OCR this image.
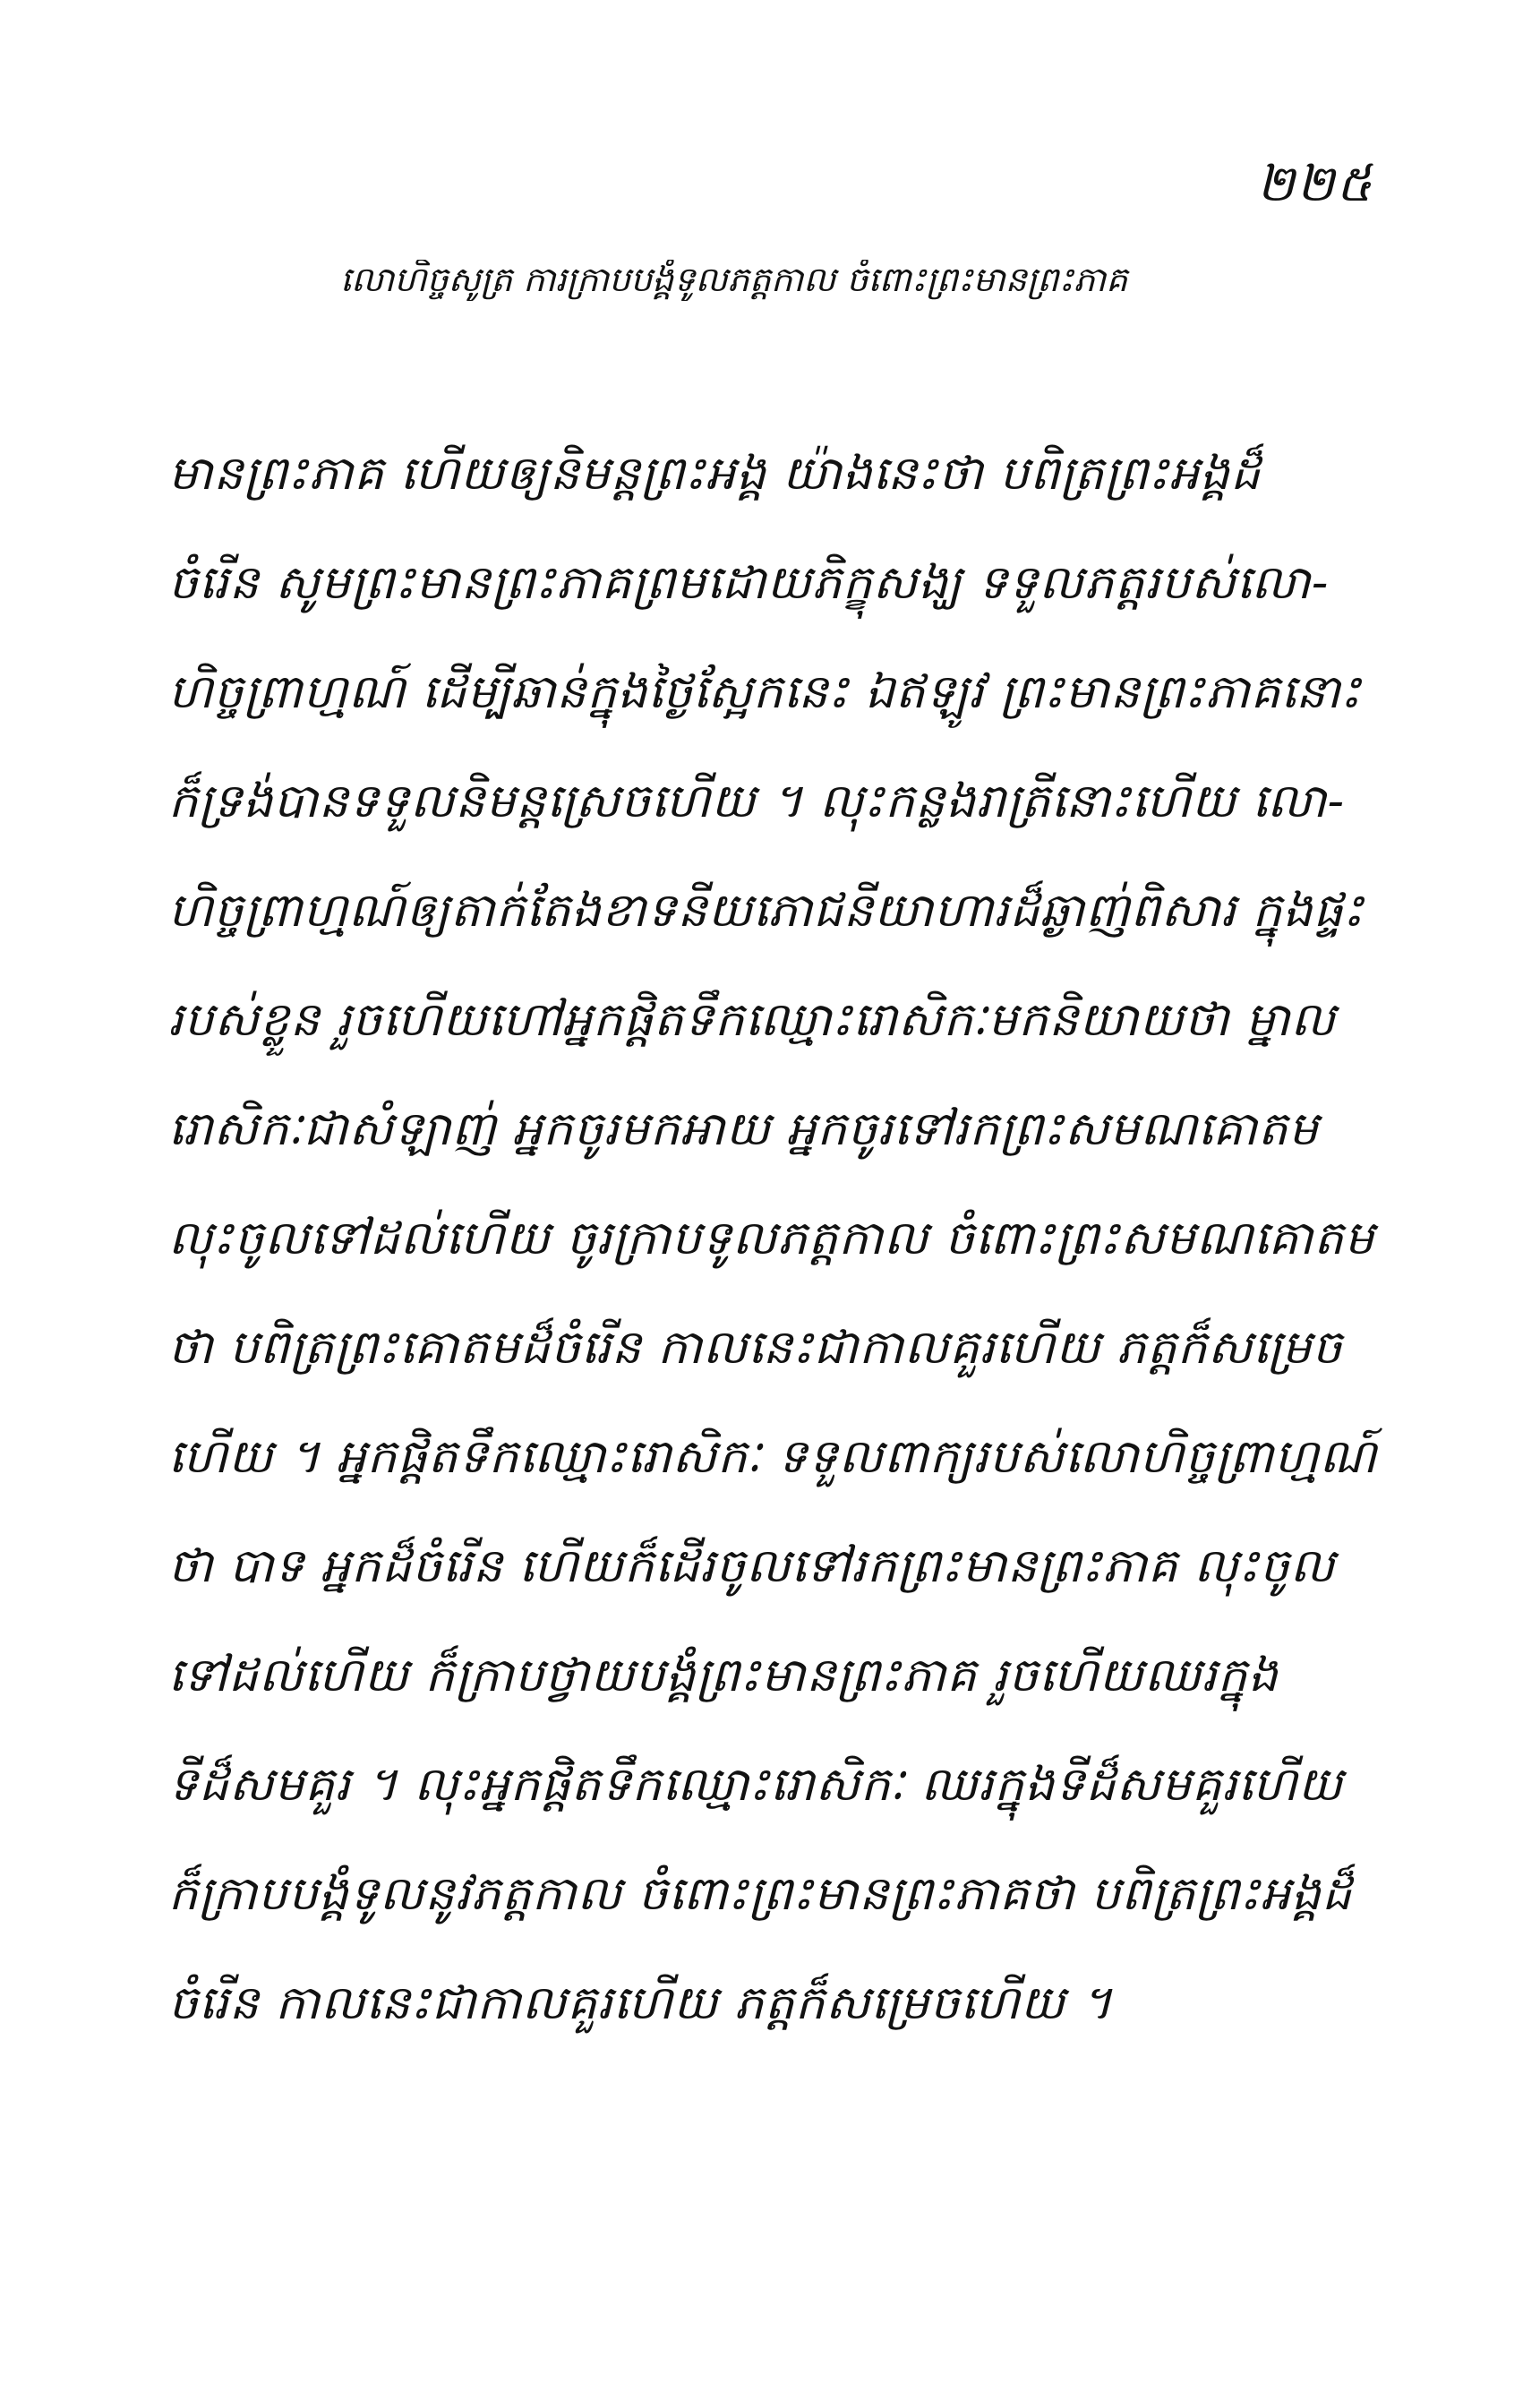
២២៥
លោហិច្ចសូត្រ ការក្រាបបង្គំទូលភត្តកាល ចំពោះព្រះមានព្រះភាគ
មានព្រះភាគ ហើយឲ្យនិមន្តព្រះអង្គ យ៉ាងនេះថា បពិត្រព្រះអង្គដ៏
ចំរើន សូមព្រះមានព្រះភាគព្រមដោយភិក្ខុសង្ឃ ទទួលភត្តរបស់លោ-
ហិច្ចព្រាហ្មណ៍ ដើម្បីឆាន់ក្នុងថ្ងៃស្អែកនេះ ឯឥឡូវ ព្រះមានព្រះភាគនោះ
ក៏ទ្រង់បានទទួលនិមន្តស្រេចហើយ ។ លុះកន្លងរាត្រីនោះហើយ លោ-
ហិច្ចព្រាហ្មណ៍ឲ្យតាក់តែងខាទនីយភោជនីយាហារដ៏ឆ្ងាញ់ពិសារ ក្នុងផ្ទះ
របស់ខ្លួន រួចហើយហៅអ្នកផ្ដិតទឹកឈ្មោះរោសិកៈមកនិយាយថា ម្នាល
រោសិកៈជាសំឡាញ់ អ្នកចូរមកអាយ អ្នកចូរទៅរកព្រះសមណគោតម
លុះចូលទៅដល់ហើយ ចូរក្រាបទូលភត្តកាល ចំពោះព្រះសមណគោតម
ថា បពិត្រព្រះគោតមដ៏ចំរើន កាលនេះជាកាលគួរហើយ ភត្តក៏សម្រេច
ហើយ ។ អ្នកផ្ដិតទឹកឈ្មោះរោសិកៈ ទទួលពាក្យរបស់លោហិច្ចព្រាហ្មណ៍
ថា បាទ អ្នកដ៏ចំរើន ហើយក៏ដើរចូលទៅរកព្រះមានព្រះភាគ លុះចូល
ទៅដល់ហើយ ក៏ក្រាបថ្វាយបង្គំព្រះមានព្រះភាគ រួចហើយឈរក្នុង
ទីដ៏សមគួរ ។ លុះអ្នកផ្ដិតទឹកឈ្មោះរោសិកៈ ឈរក្នុងទីដ៏សមគួរហើយ
ក៏ក្រាបបង្គំទូលនូវភត្តកាល ចំពោះព្រះមានព្រះភាគថា បពិត្រព្រះអង្គដ៏
ចំរើន កាលនេះជាកាលគួរហើយ ភត្តក៏សម្រេចហើយ ។
